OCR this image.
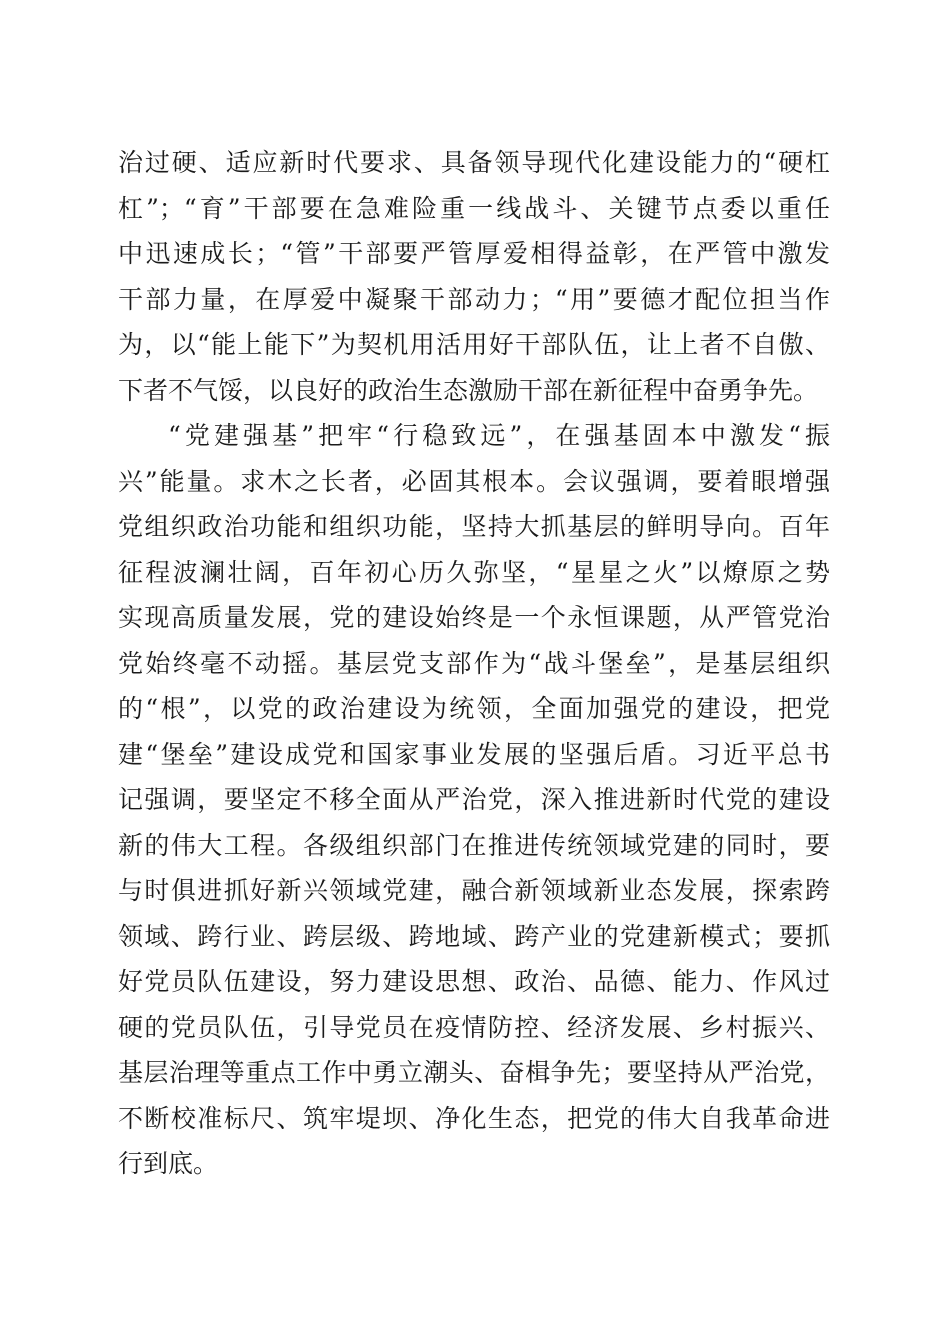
治过硬、适应新时代要求、具备领导现代化建设能力的“硬杠
杠”；“育”干部要在急难险重一线战斗、关键节点委以重任
中迅速成长；“管”干部要严管厚爱相得益彰，在严管中激发
干部力量，在厚爱中凝聚干部动力；“用”要德才配位担当作
为，以“能上能下”为契机用活用好干部队伍，让上者不自傲、
下者不气馁，以良好的政治生态激励干部在新征程中奋勇争先。
“党建强基”把牢“行稳致远”，在强基固本中激发“振
兴”能量。求木之长者，必固其根本。会议强调，要着眼增强
党组织政治功能和组织功能，坚持大抓基层的鲜明导向。百年
征程波澜壮阔，百年初心历久弥坚，“星星之火”以燎原之势
实现高质量发展，党的建设始终是一个永恒课题，从严管党治
党始终毫不动摇。基层党支部作为“战斗堡垒”，是基层组织
的“根”，以党的政治建设为统领，全面加强党的建设，把党
建“堡垒”建设成党和国家事业发展的坚强后盾。习近平总书
记强调，要坚定不移全面从严治党，深入推进新时代党的建设
新的伟大工程。各级组织部门在推进传统领域党建的同时，要
与时俱进抓好新兴领域党建，融合新领域新业态发展，探索跨
领域、跨行业、跨层级、跨地域、跨产业的党建新模式；要抓
好党员队伍建设，努力建设思想、政治、品德、能力、作风过
硬的党员队伍，引导党员在疫情防控、经济发展、乡村振兴、
基层治理等重点工作中勇立潮头、奋楫争先；要坚持从严治党，
不断校准标尺、筑牢堤坝、净化生态，把党的伟大自我革命进
行到底。
